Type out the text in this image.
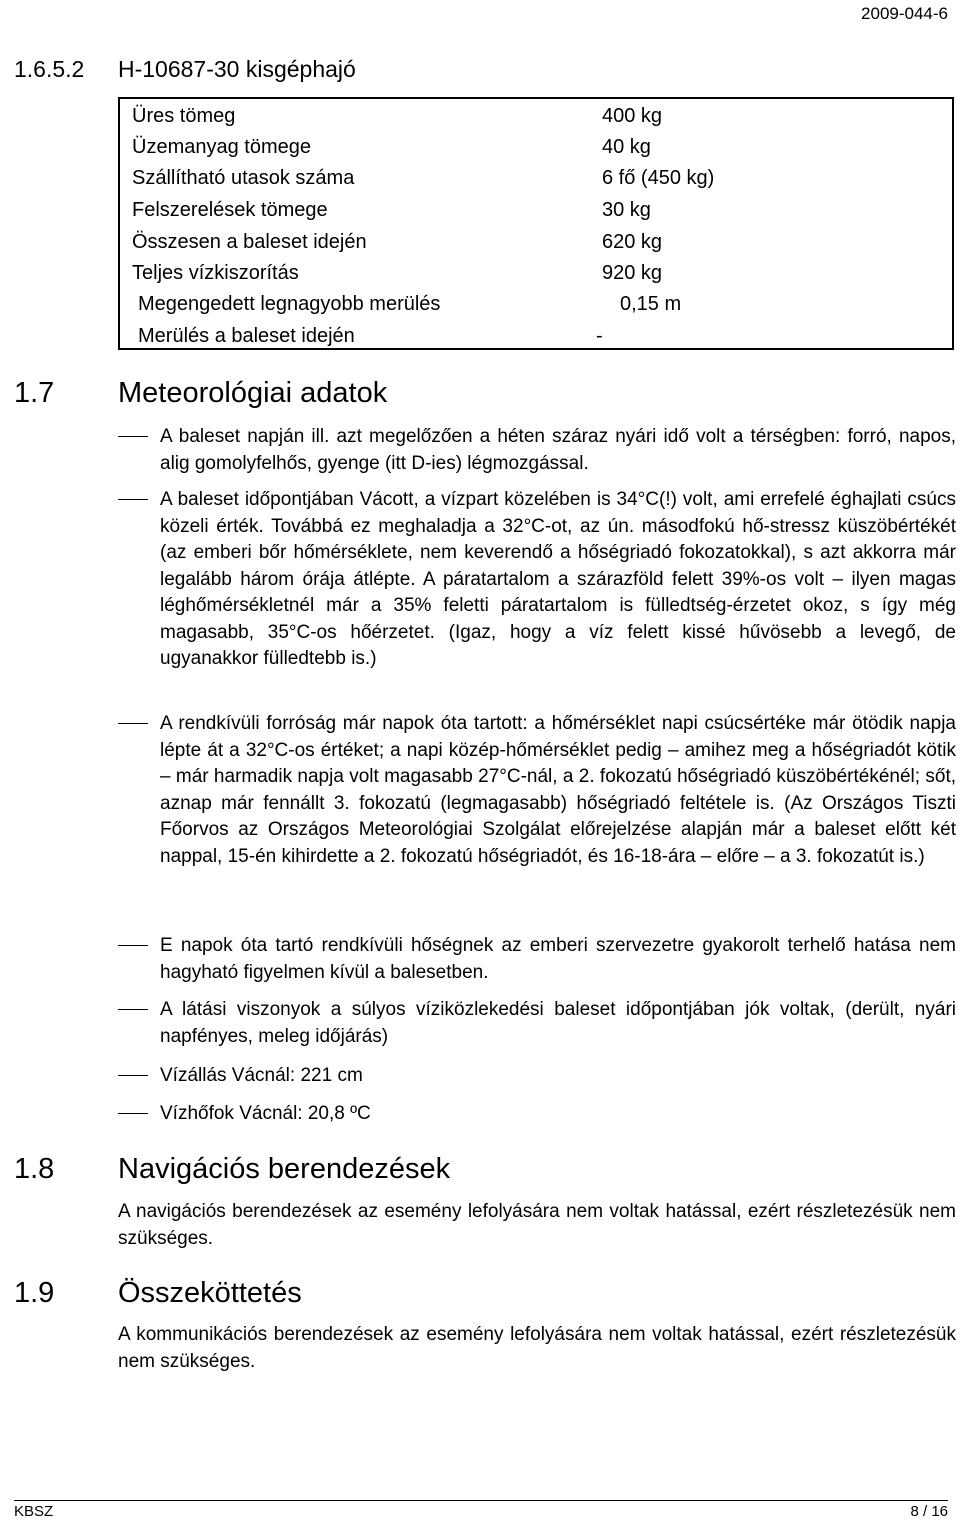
2009-044-6
1.6.5.2 H-10687-30 kisgéphajó
Üres tömeg	400 kg
Üzemanyag tömege	40 kg
Szállítható utasok száma	6 fő (450 kg)
Felszerelések tömege	30 kg
Összesen a baleset idején	620 kg
Teljes vízkiszorítás	920 kg
Megengedett legnagyobb merülés	0,15 m
Merülés a baleset idején	-
1.7 Meteorológiai adatok
A baleset napján ill. azt megelőzően a héten száraz nyári idő volt a térségben: forró, napos, alig gomolyfelhős, gyenge (itt D-ies) légmozgással.
A baleset időpontjában Vácott, a vízpart közelében is 34°C(!) volt, ami errefelé éghajlati csúcs közeli érték. Továbbá ez meghaladja a 32°C-ot, az ún. másodfokú hő-stressz küszöbértékét (az emberi bőr hőmérséklete, nem keverendő a hőségriadó fokozatokkal), s azt akkorra már legalább három órája átlépte. A páratartalom a szárazföld felett 39%-os volt – ilyen magas léghőmérsékletnél már a 35% feletti páratartalom is fülledtség-érzetet okoz, s így még magasabb, 35°C-os hőérzetet. (Igaz, hogy a víz felett kissé hűvösebb a levegő, de ugyanakkor fülledtebb is.)
A rendkívüli forróság már napok óta tartott: a hőmérséklet napi csúcsértéke már ötödik napja lépte át a 32°C-os értéket; a napi közép-hőmérséklet pedig – amihez meg a hőségriadót kötik – már harmadik napja volt magasabb 27°C-nál, a 2. fokozatú hőségriadó küszöbértékénél; sőt, aznap már fennállt 3. fokozatú (legmagasabb) hőségriadó feltétele is. (Az Országos Tiszti Főorvos az Országos Meteorológiai Szolgálat előrejelzése alapján már a baleset előtt két nappal, 15-én kihirdette a 2. fokozatú hőségriadót, és 16-18-ára – előre – a 3. fokozatút is.)
E napok óta tartó rendkívüli hőségnek az emberi szervezetre gyakorolt terhelő hatása nem hagyható figyelmen kívül a balesetben.
A látási viszonyok a súlyos víziközlekedési baleset időpontjában jók voltak, (derült, nyári napfényes, meleg időjárás)
Vízállás Vácnál: 221 cm
Vízhőfok Vácnál: 20,8 ºC
1.8 Navigációs berendezések
A navigációs berendezések az esemény lefolyására nem voltak hatással, ezért részletezésük nem szükséges.
1.9 Összeköttetés
A kommunikációs berendezések az esemény lefolyására nem voltak hatással, ezért részletezésük nem szükséges.
KBSZ	8 / 16
